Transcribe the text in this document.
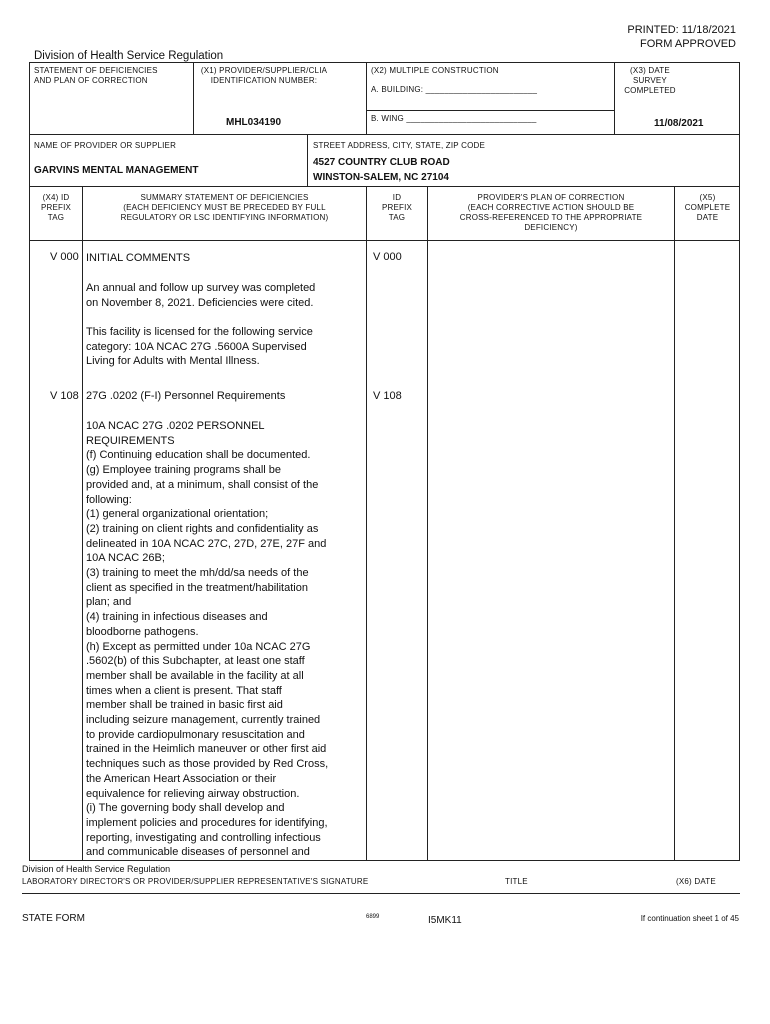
PRINTED: 11/18/2021
FORM APPROVED
Division of Health Service Regulation
STATEMENT OF DEFICIENCIES
AND PLAN OF CORRECTION
(X1) PROVIDER/SUPPLIER/CLIA
IDENTIFICATION NUMBER:
MHL034190
(X2) MULTIPLE CONSTRUCTION
A. BUILDING: ________________________
B. WING ____________________________
(X3) DATE SURVEY
COMPLETED
11/08/2021
NAME OF PROVIDER OR SUPPLIER
GARVINS MENTAL MANAGEMENT
STREET ADDRESS, CITY, STATE, ZIP CODE
4527 COUNTRY CLUB ROAD
WINSTON-SALEM, NC 27104
(X4) ID
PREFIX
TAG
SUMMARY STATEMENT OF DEFICIENCIES
(EACH DEFICIENCY MUST BE PRECEDED BY FULL
REGULATORY OR LSC IDENTIFYING INFORMATION)
ID
PREFIX
TAG
PROVIDER'S PLAN OF CORRECTION
(EACH CORRECTIVE ACTION SHOULD BE
CROSS-REFERENCED TO THE APPROPRIATE
DEFICIENCY)
(X5)
COMPLETE
DATE
V 000 INITIAL COMMENTS	V 000
An annual and follow up survey was completed
on November 8, 2021. Deficiencies were cited.
This facility is licensed for the following service
category: 10A NCAC 27G .5600A Supervised
Living for Adults with Mental Illness.
V 108 27G .0202 (F-I) Personnel Requirements	V 108
10A NCAC 27G .0202 PERSONNEL
REQUIREMENTS
(f) Continuing education shall be documented.
(g) Employee training programs shall be
provided and, at a minimum, shall consist of the
following:
(1) general organizational orientation;
(2) training on client rights and confidentiality as
delineated in 10A NCAC 27C, 27D, 27E, 27F and
10A NCAC 26B;
(3) training to meet the mh/dd/sa needs of the
client as specified in the treatment/habilitation
plan; and
(4) training in infectious diseases and
bloodborne pathogens.
(h) Except as permitted under 10a NCAC 27G
.5602(b) of this Subchapter, at least one staff
member shall be available in the facility at all
times when a client is present. That staff
member shall be trained in basic first aid
including seizure management, currently trained
to provide cardiopulmonary resuscitation and
trained in the Heimlich maneuver or other first aid
techniques such as those provided by Red Cross,
the American Heart Association or their
equivalence for relieving airway obstruction.
(i) The governing body shall develop and
implement policies and procedures for identifying,
reporting, investigating and controlling infectious
and communicable diseases of personnel and
Division of Health Service Regulation
LABORATORY DIRECTOR'S OR PROVIDER/SUPPLIER REPRESENTATIVE'S SIGNATURE	TITLE	(X6) DATE
STATE FORM	6899	I5MK11	If continuation sheet 1 of 45
